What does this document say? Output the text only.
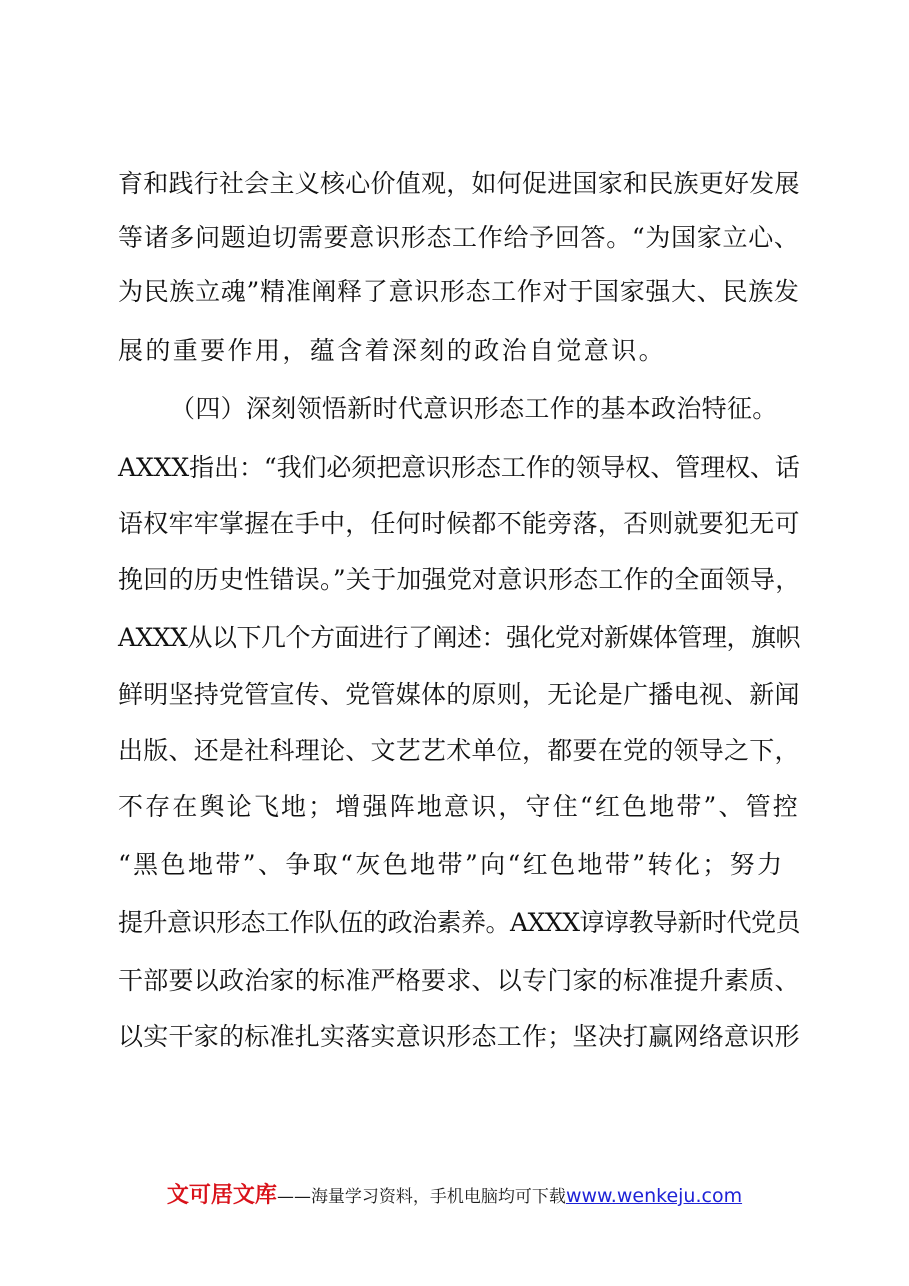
育和践行社会主义核心价值观，如何促进国家和民族更好发展
等诸多问题迫切需要意识形态工作给予回答。“为国家立心、
为民族立魂”精准阐释了意识形态工作对于国家强大、民族发
展的重要作用，蕴含着深刻的政治自觉意识。
（四）深刻领悟新时代意识形态工作的基本政治特征。
AXXX指出：“我们必须把意识形态工作的领导权、管理权、话
语权牢牢掌握在手中，任何时候都不能旁落，否则就要犯无可
挽回的历史性错误。”关于加强党对意识形态工作的全面领导，
AXXX从以下几个方面进行了阐述：强化党对新媒体管理，旗帜
鲜明坚持党管宣传、党管媒体的原则，无论是广播电视、新闻
出版、还是社科理论、文艺艺术单位，都要在党的领导之下，
不存在舆论飞地；增强阵地意识，守住“红色地带”、管控
“黑色地带”、争取“灰色地带”向“红色地带”转化；努力
提升意识形态工作队伍的政治素养。AXXX谆谆教导新时代党员
干部要以政治家的标准严格要求、以专门家的标准提升素质、
以实干家的标准扎实落实意识形态工作；坚决打赢网络意识形
文可居文库——海量学习资料，手机电脑均可下载www.wenkeju.com
